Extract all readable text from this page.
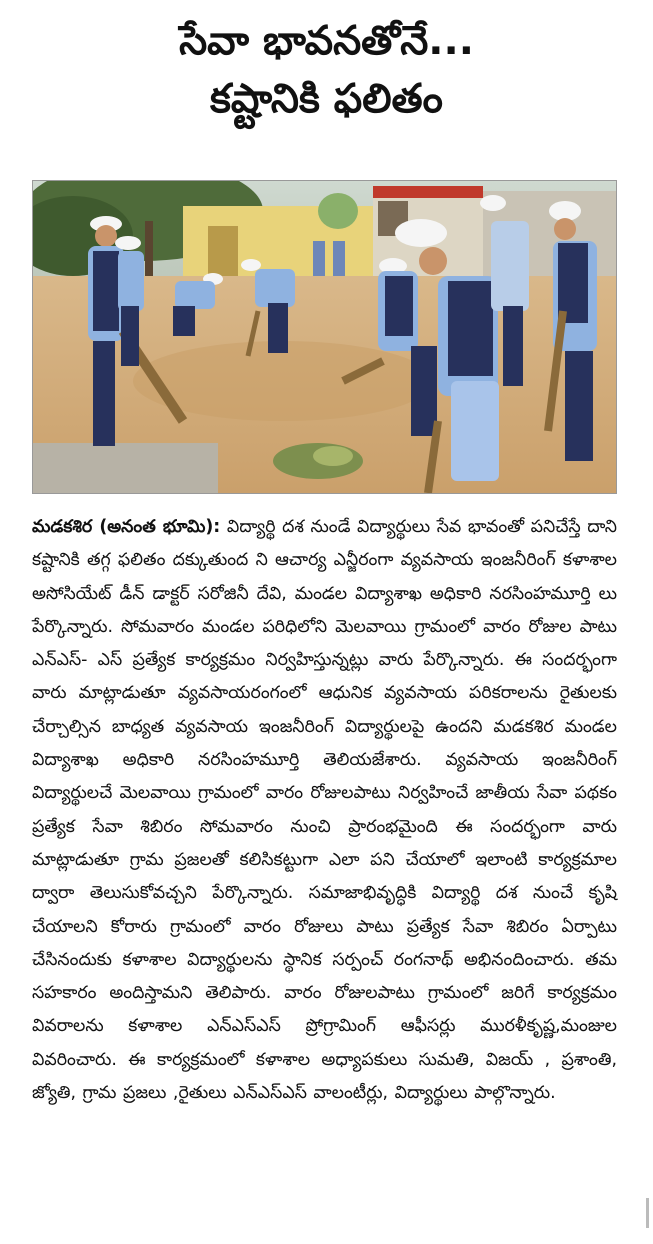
సేవా భావనతోనే...
కష్టానికి ఫలితం
మడకశిర (అనంత భూమి): విద్యార్థి దశ నుండే విద్యార్థులు సేవ భావంతో పనిచేస్తే దాని కష్టానికి తగ్గ ఫలితం దక్కుతుంద ని ఆచార్య ఎన్జీరంగా వ్యవసాయ ఇంజనీరింగ్ కళాశాల అసోసియేట్ డీన్ డాక్టర్ సరోజినీ దేవి, మండల విద్యాశాఖ అధికారి నరసింహమూర్తి లు పేర్కొన్నారు. సోమవారం మండల పరిధిలోని మెలవాయి గ్రామంలో వారం రోజుల పాటు ఎన్ఎస్- ఎస్ ప్రత్యేక కార్యక్రమం నిర్వహిస్తున్నట్లు వారు పేర్కొన్నారు. ఈ సందర్భంగా వారు మాట్లాడుతూ వ్యవసాయరంగంలో ఆధునిక వ్యవసాయ పరికరాలను రైతులకు చేర్చాల్సిన బాధ్యత వ్యవసాయ ఇంజనీరింగ్ విద్యార్థులపై ఉందని మడకశిర మండల విద్యాశాఖ అధికారి నరసింహమూర్తి తెలియజేశారు. వ్యవసాయ ఇంజనీరింగ్ విద్యార్థులచే మెలవాయి గ్రామంలో వారం రోజులపాటు నిర్వహించే జాతీయ సేవా పథకం ప్రత్యేక సేవా శిబిరం సోమవారం నుంచి ప్రారంభమైంది ఈ సందర్భంగా వారు మాట్లాడుతూ గ్రామ ప్రజలతో కలిసికట్టుగా ఎలా పని చేయాలో ఇలాంటి కార్యక్రమాల ద్వారా తెలుసుకోవచ్చని పేర్కొన్నారు. సమాజాభివృద్ధికి విద్యార్థి దశ నుంచే కృషి చేయాలని కోరారు గ్రామంలో వారం రోజులు పాటు ప్రత్యేక సేవా శిబిరం ఏర్పాటు చేసినందుకు కళాశాల విద్యార్థులను స్థానిక సర్పంచ్ రంగనాథ్ అభినందించారు. తమ సహకారం అందిస్తామని తెలిపారు. వారం రోజులపాటు గ్రామంలో జరిగే కార్యక్రమం వివరాలను కళాశాల ఎన్ఎస్ఎస్ ప్రోగ్రామింగ్ ఆఫీసర్లు మురళీకృష్ణ,మంజుల వివరించారు. ఈ కార్యక్రమంలో కళాశాల అధ్యాపకులు సుమతి, విజయ్ , ప్రశాంతి, జ్యోతి, గ్రామ ప్రజలు ,రైతులు ఎన్ఎస్ఎస్ వాలంటీర్లు, విద్యార్థులు పాల్గొన్నారు.
